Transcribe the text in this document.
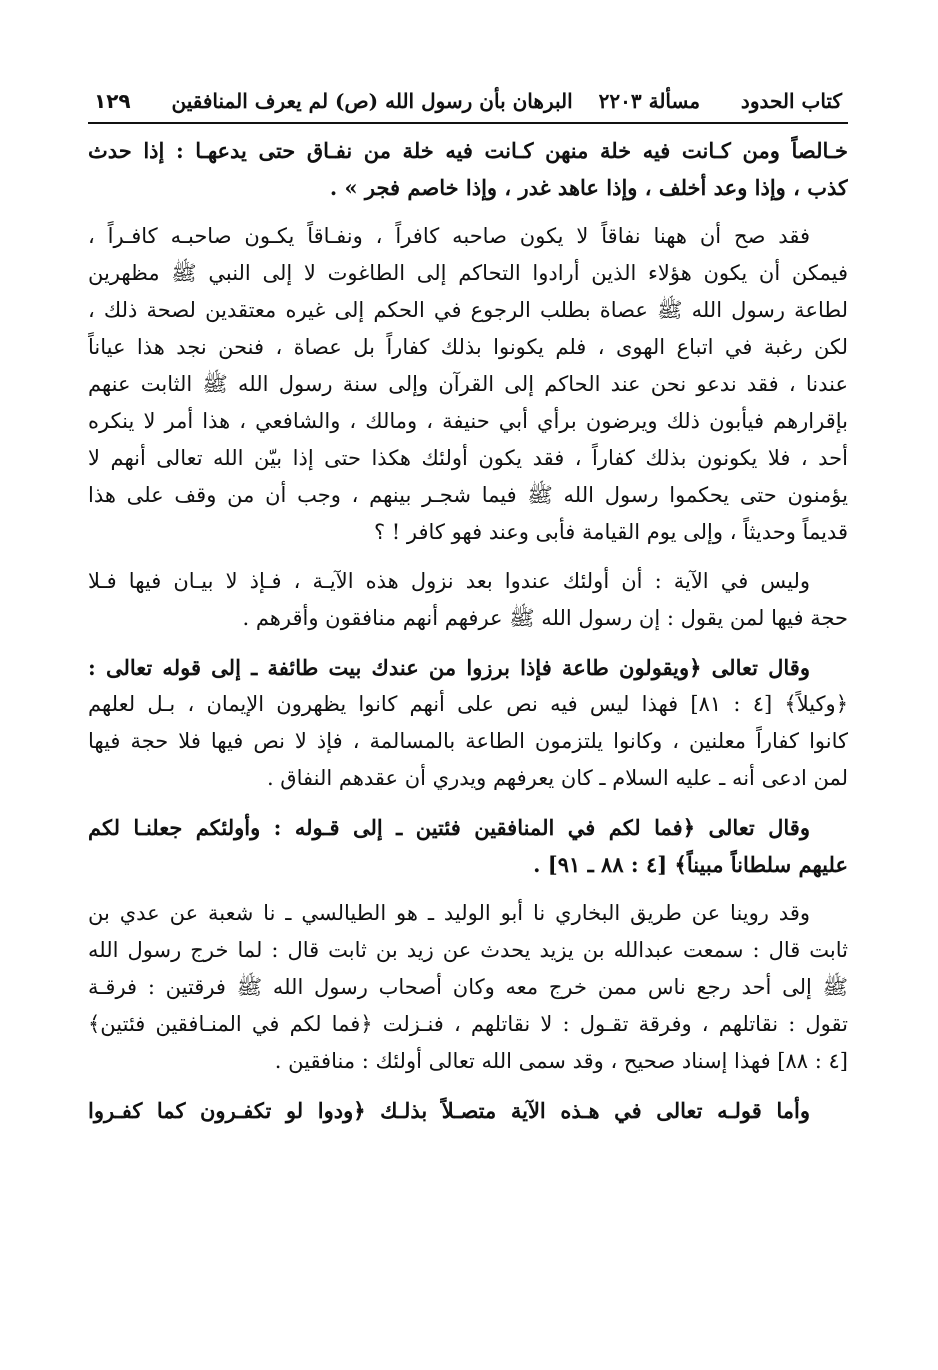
كتاب الحدود
مسألة ٢٢٠٣
البرهان بأن رسول الله (ص) لم يعرف المنافقين
١٢٩
خـالصاً ومن كـانت فيه خلة منهن كـانت فيه خلة من نفـاق حتى يدعهـا : إذا حدث
كذب ، وإذا وعد أخلف ، وإذا عاهد غدر ، وإذا خاصم فجر » .
فقد صح أن ههنا نفاقاً لا يكون صاحبه كافراً ، ونفـاقاً يكـون صاحبـه كافـراً ،
فيمكن أن يكون هؤلاء الذين أرادوا التحاكم إلى الطاغوت لا إلى النبي ﷺ مظهرين
لطاعة رسول الله ﷺ عصاة بطلب الرجوع في الحكم إلى غيره معتقدين لصحة ذلك ،
لكن رغبة في اتباع الهوى ، فلم يكونوا بذلك كفاراً بل عصاة ، فنحن نجد هذا عياناً
عندنا ، فقد ندعو نحن عند الحاكم إلى القرآن وإلى سنة رسول الله ﷺ الثابت عنهم
بإقرارهم فيأبون ذلك ويرضون برأي أبي حنيفة ، ومالك ، والشافعي ، هذا أمر لا ينكره
أحد ، فلا يكونون بذلك كفاراً ، فقد يكون أولئك هكذا حتى إذا بيّن الله تعالى أنهم لا
يؤمنون حتى يحكموا رسول الله ﷺ فيما شجـر بينهم ، وجب أن من وقف على هذا
قديماً وحديثاً ، وإلى يوم القيامة فأبى وعند فهو كافر ! ؟
وليس في الآية : أن أولئك عندوا بعد نزول هذه الآيـة ، فـإذ لا بيـان فيها فـلا
حجة فيها لمن يقول : إن رسول الله ﷺ عرفهم أنهم منافقون وأقرهم .
وقال تعالى ﴿ويقولون طاعة فإذا برزوا من عندك بيت طائفة ـ إلى قوله تعالى :
﴿وكيلاً﴾ [٤ : ٨١] فهذا ليس فيه نص على أنهم كانوا يظهرون الإيمان ، بـل لعلهم
كانوا كفاراً معلنين ، وكانوا يلتزمون الطاعة بالمسالمة ، فإذ لا نص فيها فلا حجة فيها
لمن ادعى أنه ـ عليه السلام ـ كان يعرفهم ويدري أن عقدهم النفاق .
وقال تعالى ﴿فما لكم في المنافقين فئتين ـ إلى قـوله : وأولئكم جعلنـا لكم
عليهم سلطاناً مبيناً﴾ [٤ : ٨٨ ـ ٩١] .
وقد روينا عن طريق البخاري نا أبو الوليد ـ هو الطيالسي ـ نا شعبة عن عدي بن
ثابت قال : سمعت عبدالله بن يزيد يحدث عن زيد بن ثابت قال : لما خرج رسول الله
ﷺ إلى أحد رجع ناس ممن خرج معه وكان أصحاب رسول الله ﷺ فرقتين : فرقـة
تقول : نقاتلهم ، وفرقة تقـول : لا نقاتلهم ، فنـزلت ﴿فما لكم في المنـافقين فئتين﴾
[٤ : ٨٨] فهذا إسناد صحيح ، وقد سمى الله تعالى أولئك : منافقين .
وأما قولـه تعالى في هـذه الآية متصـلاً بذلـك ﴿ودوا لو تكفـرون كما كفـروا
